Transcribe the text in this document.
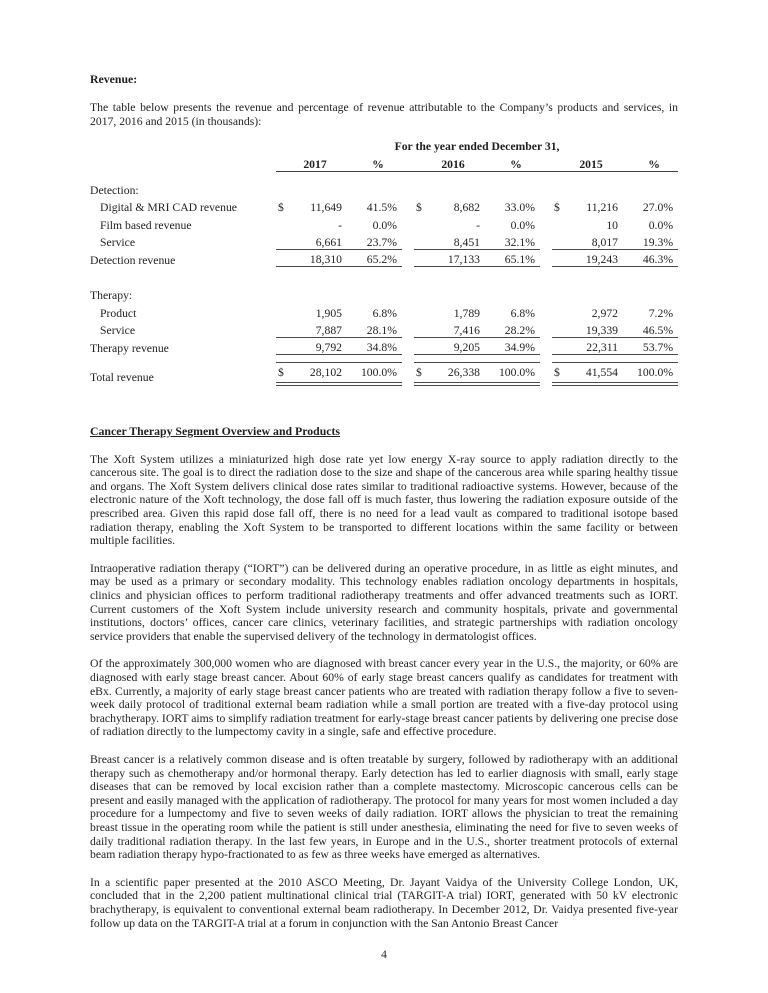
Revenue:

The table below presents the revenue and percentage of revenue attributable to the Company’s products and services, in 2017, 2016 and 2015 (in thousands):

	For the year ended December 31,										
	2017		%		2016		%		2015		%

Detection:											
Digital & MRI CAD revenue	$	11,649	41.5%		$	8,682	33.0%		$	11,216	27.0%
Film based revenue		-	0.0%			-	0.0%			10	0.0%
Service		6,661	23.7%			8,451	32.1%			8,017	19.3%
Detection revenue		18,310	65.2%			17,133	65.1%			19,243	46.3%

Therapy:											
Product		1,905	6.8%			1,789	6.8%			2,972	7.2%
Service		7,887	28.1%			7,416	28.2%			19,339	46.5%
Therapy revenue		9,792	34.8%			9,205	34.9%			22,311	53.7%

Total revenue	$	28,102	100.0%		$	26,338	100.0%		$	41,554	100.0%
Cancer Therapy Segment Overview and Products

The Xoft System utilizes a miniaturized high dose rate yet low energy X-ray source to apply radiation directly to the cancerous site. The goal is to direct the radiation dose to the size and shape of the cancerous area while sparing healthy tissue and organs. The Xoft System delivers clinical dose rates similar to traditional radioactive systems. However, because of the electronic nature of the Xoft technology, the dose fall off is much faster, thus lowering the radiation exposure outside of the prescribed area. Given this rapid dose fall off, there is no need for a lead vault as compared to traditional isotope based radiation therapy, enabling the Xoft System to be transported to different locations within the same facility or between multiple facilities.

Intraoperative radiation therapy (“IORT”) can be delivered during an operative procedure, in as little as eight minutes, and may be used as a primary or secondary modality. This technology enables radiation oncology departments in hospitals, clinics and physician offices to perform traditional radiotherapy treatments and offer advanced treatments such as IORT. Current customers of the Xoft System include university research and community hospitals, private and governmental institutions, doctors’ offices, cancer care clinics, veterinary facilities, and strategic partnerships with radiation oncology service providers that enable the supervised delivery of the technology in dermatologist offices.

Of the approximately 300,000 women who are diagnosed with breast cancer every year in the U.S., the majority, or 60% are diagnosed with early stage breast cancer. About 60% of early stage breast cancers qualify as candidates for treatment with eBx. Currently, a majority of early stage breast cancer patients who are treated with radiation therapy follow a five to seven-week daily protocol of traditional external beam radiation while a small portion are treated with a five-day protocol using brachytherapy. IORT aims to simplify radiation treatment for early-stage breast cancer patients by delivering one precise dose of radiation directly to the lumpectomy cavity in a single, safe and effective procedure.

Breast cancer is a relatively common disease and is often treatable by surgery, followed by radiotherapy with an additional therapy such as chemotherapy and/or hormonal therapy. Early detection has led to earlier diagnosis with small, early stage diseases that can be removed by local excision rather than a complete mastectomy. Microscopic cancerous cells can be present and easily managed with the application of radiotherapy. The protocol for many years for most women included a day procedure for a lumpectomy and five to seven weeks of daily radiation. IORT allows the physician to treat the remaining breast tissue in the operating room while the patient is still under anesthesia, eliminating the need for five to seven weeks of daily traditional radiation therapy. In the last few years, in Europe and in the U.S., shorter treatment protocols of external beam radiation therapy hypo-fractionated to as few as three weeks have emerged as alternatives.

In a scientific paper presented at the 2010 ASCO Meeting, Dr. Jayant Vaidya of the University College London, UK, concluded that in the 2,200 patient multinational clinical trial (TARGIT-A trial) IORT, generated with 50 kV electronic brachytherapy, is equivalent to conventional external beam radiotherapy. In December 2012, Dr. Vaidya presented five-year follow up data on the TARGIT-A trial at a forum in conjunction with the San Antonio Breast Cancer

4
